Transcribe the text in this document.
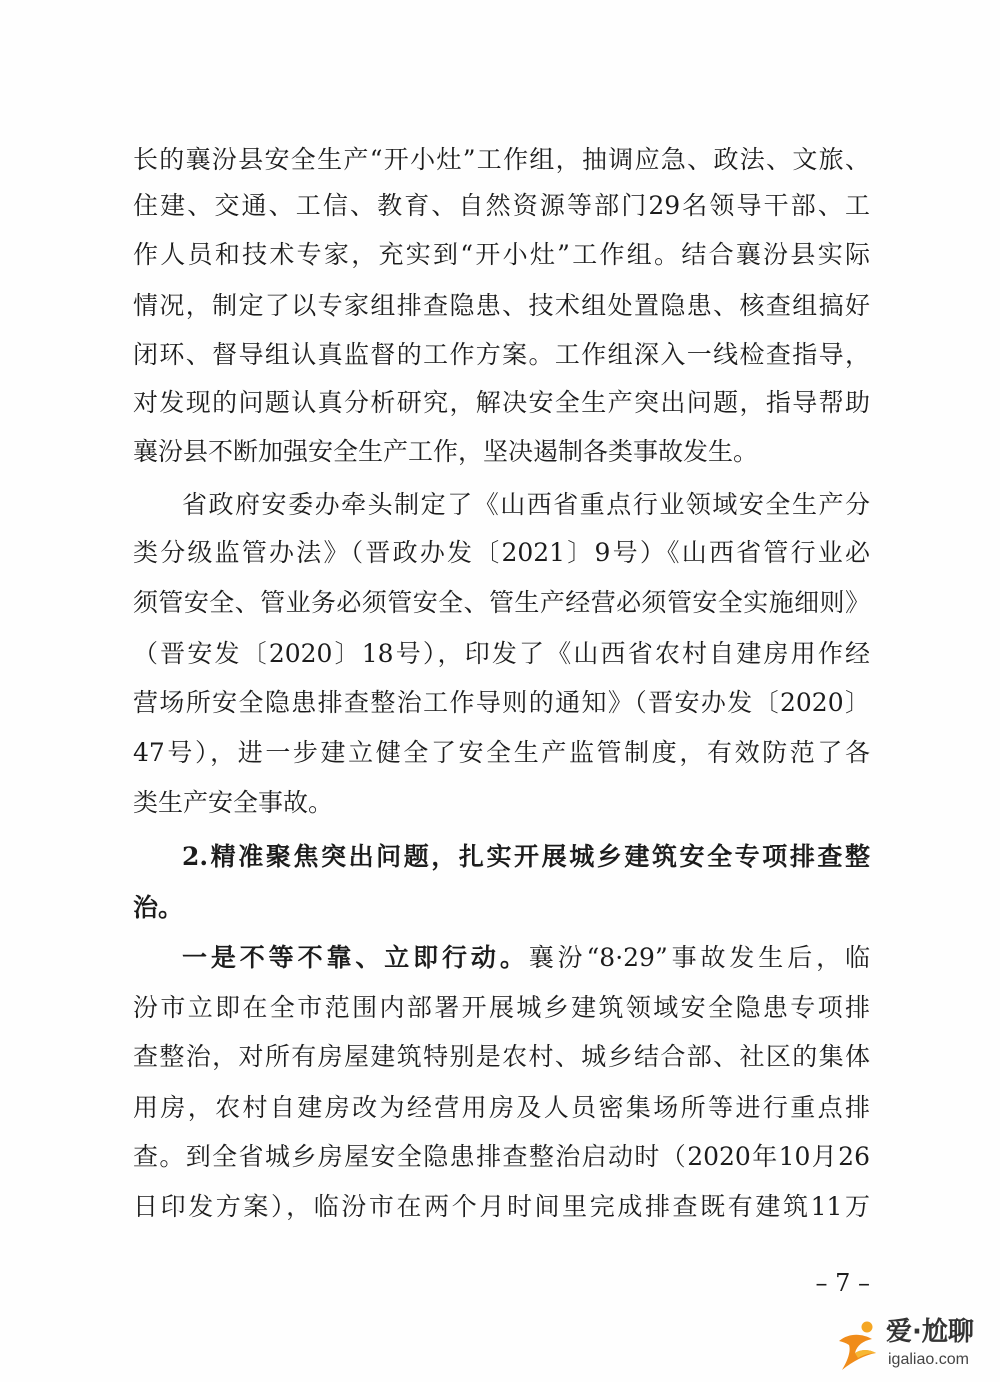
长的襄汾县安全生产“开小灶”工作组，抽调应急、政法、文旅、
住建、交通、工信、教育、自然资源等部门29名领导干部、工
作人员和技术专家，充实到“开小灶”工作组。结合襄汾县实际
情况，制定了以专家组排查隐患、技术组处置隐患、核查组搞好
闭环、督导组认真监督的工作方案。工作组深入一线检查指导，
对发现的问题认真分析研究，解决安全生产突出问题，指导帮助
襄汾县不断加强安全生产工作，坚决遏制各类事故发生。
省政府安委办牵头制定了《山西省重点行业领域安全生产分
类分级监管办法》（晋政办发〔2021〕9号）《山西省管行业必
须管安全、管业务必须管安全、管生产经营必须管安全实施细则》
（晋安发〔2020〕18号），印发了《山西省农村自建房用作经
营场所安全隐患排查整治工作导则的通知》（晋安办发〔2020〕
47号），进一步建立健全了安全生产监管制度，有效防范了各
类生产安全事故。
2.精准聚焦突出问题，扎实开展城乡建筑安全专项排查整
治。
一是不等不靠、立即行动。襄汾“8·29”事故发生后，临
汾市立即在全市范围内部署开展城乡建筑领域安全隐患专项排
查整治，对所有房屋建筑特别是农村、城乡结合部、社区的集体
用房，农村自建房改为经营用房及人员密集场所等进行重点排
查。到全省城乡房屋安全隐患排查整治启动时（2020年10月26
日印发方案），临汾市在两个月时间里完成排查既有建筑11万
– 7 –
爱·尬聊
igaliao.com
